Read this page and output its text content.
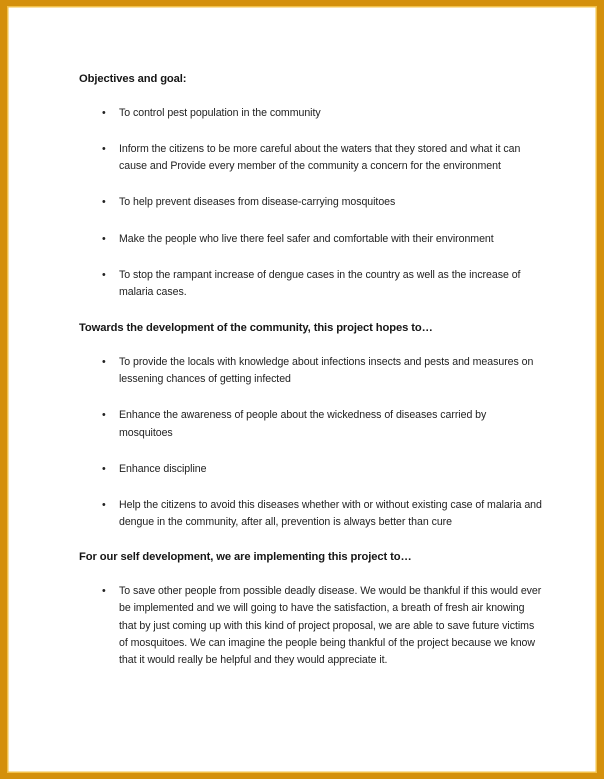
Objectives and goal:

• To control pest population in the community
• Inform the citizens to be more careful about the waters that they stored and what it can cause and Provide every member of the community a concern for the environment
• To help prevent diseases from disease-carrying mosquitoes
• Make the people who live there feel safer and comfortable with their environment
• To stop the rampant increase of dengue cases in the country as well as the increase of malaria cases.

Towards the development of the community, this project hopes to…

• To provide the locals with knowledge about infections insects and pests and measures on lessening chances of getting infected
• Enhance the awareness of people about the wickedness of diseases carried by mosquitoes
• Enhance discipline
• Help the citizens to avoid this diseases whether with or without existing case of malaria and dengue in the community, after all, prevention is always better than cure

For our self development, we are implementing this project to…

• To save other people from possible deadly disease. We would be thankful if this would ever be implemented and we will going to have the satisfaction, a breath of fresh air knowing that by just coming up with this kind of project proposal, we are able to save future victims of mosquitoes. We can imagine the people being thankful of the project because we know that it would really be helpful and they would appreciate it.
